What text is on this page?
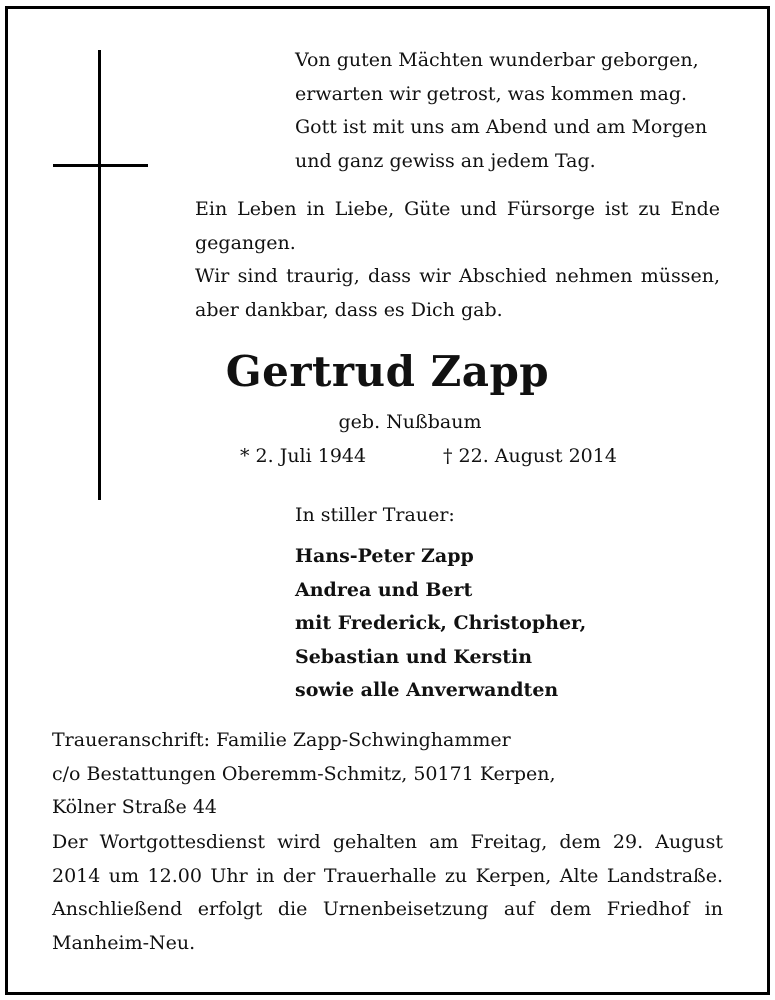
Von guten Mächten wunderbar geborgen,
erwarten wir getrost, was kommen mag.
Gott ist mit uns am Abend und am Morgen
und ganz gewiss an jedem Tag.
Ein Leben in Liebe, Güte und Fürsorge ist zu Ende gegangen.
Wir sind traurig, dass wir Abschied nehmen müssen, aber dankbar, dass es Dich gab.
Gertrud Zapp
geb. Nußbaum
* 2. Juli 1944	† 22. August 2014
In stiller Trauer:
Hans-Peter Zapp
Andrea und Bert
mit Frederick, Christopher,
Sebastian und Kerstin
sowie alle Anverwandten
Traueranschrift: Familie Zapp-Schwinghammer
c/o Bestattungen Oberemm-Schmitz, 50171 Kerpen,
Kölner Straße 44
Der Wortgottesdienst wird gehalten am Freitag, dem 29. August 2014 um 12.00 Uhr in der Trauerhalle zu Kerpen, Alte Landstraße. Anschließend erfolgt die Urnenbeisetzung auf dem Friedhof in Manheim-Neu.
